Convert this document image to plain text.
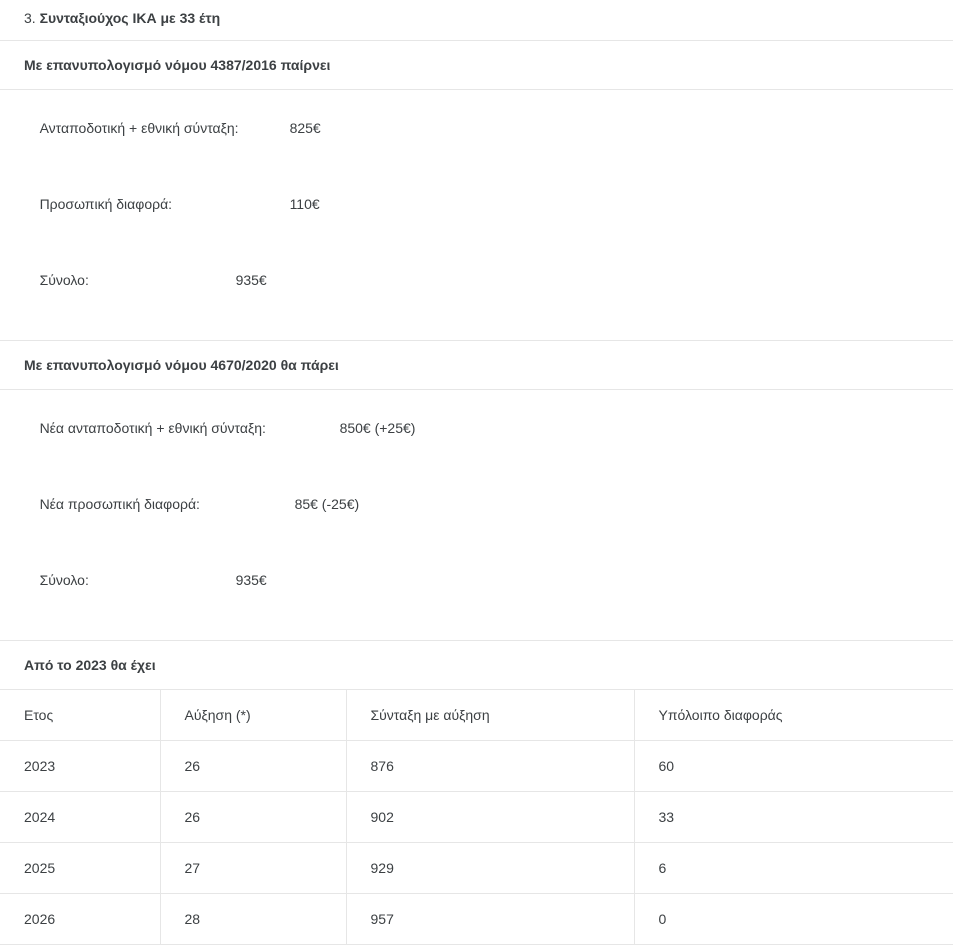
3. Συνταξιούχος ΙΚΑ με 33 έτη
Με επανυπολογισμό νόμου 4387/2016 παίρνει

Ανταποδοτική + εθνική σύνταξη:	825€

Προσωπική διαφορά:	110€

Σύνολο:	935€

Με επανυπολογισμό νόμου 4670/2020 θα πάρει

Νέα ανταποδοτική + εθνική σύνταξη:	850€ (+25€)

Νέα προσωπική διαφορά:	85€ (-25€)

Σύνολο:	935€

Από το 2023 θα έχει
Ετος	Αύξηση (*)	Σύνταξη με αύξηση	Υπόλοιπο διαφοράς
2023	26	876	60
2024	26	902	33
2025	27	929	6
2026	28	957	0
